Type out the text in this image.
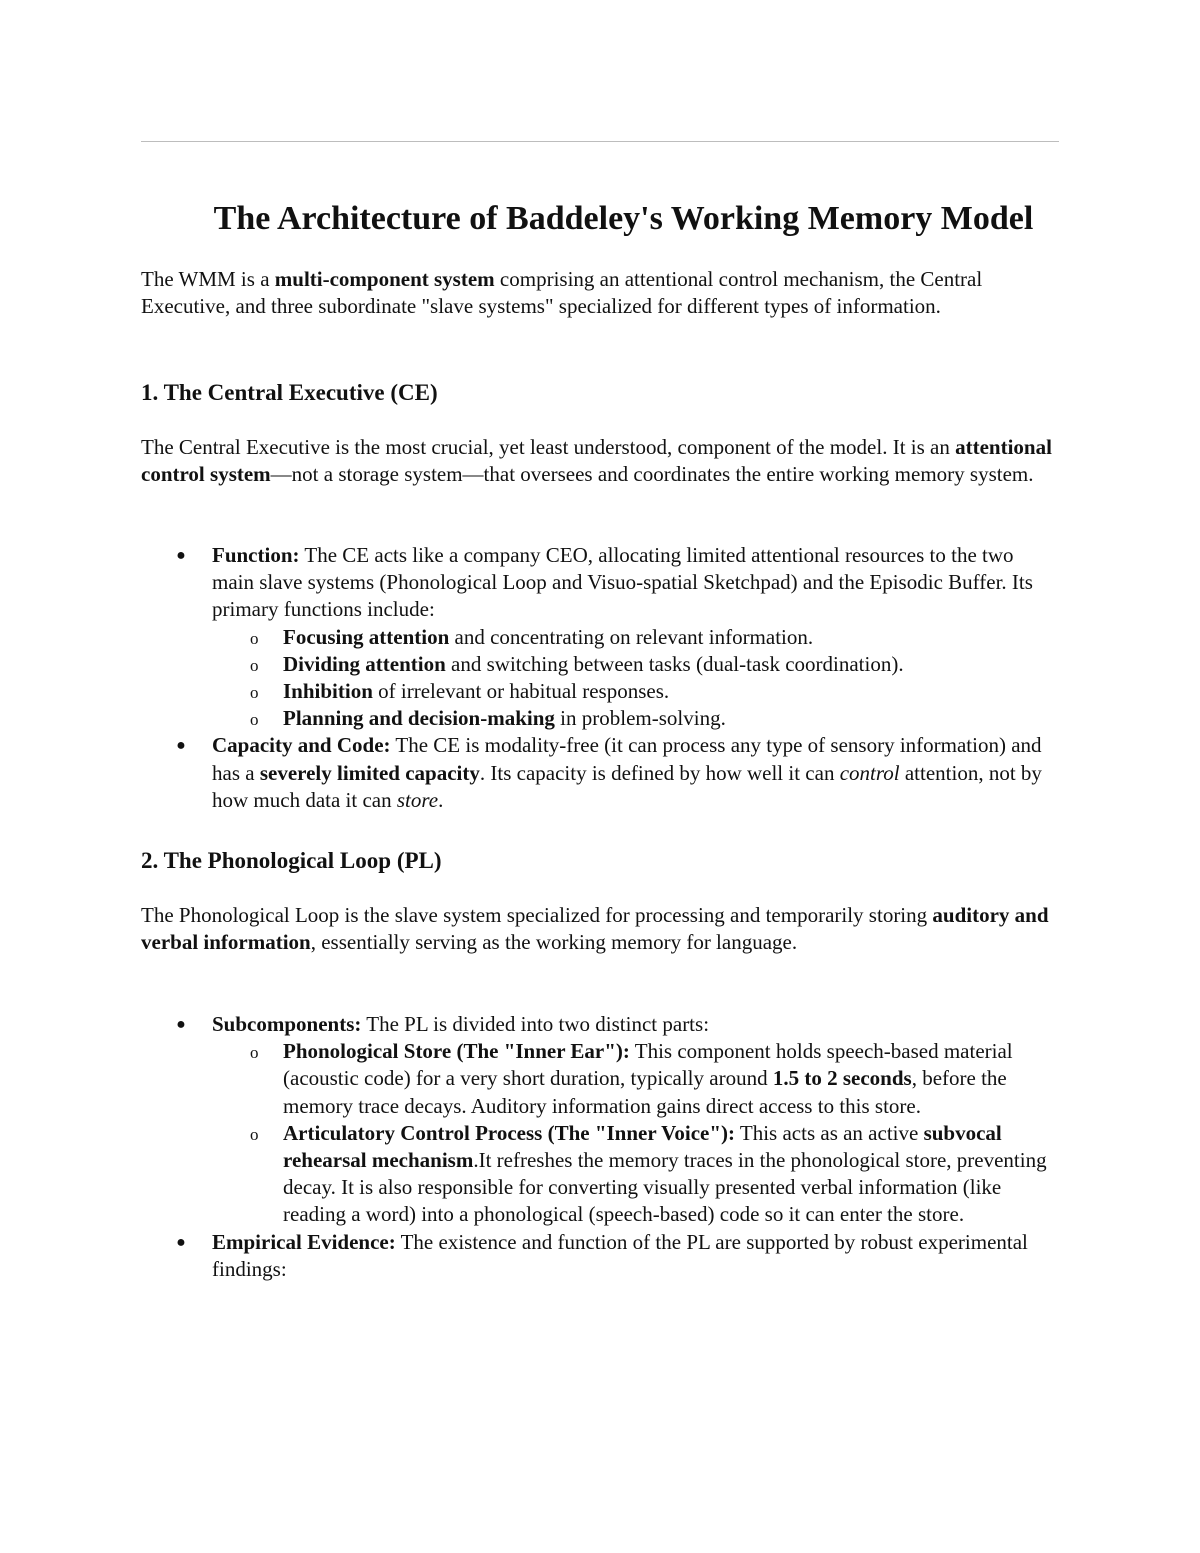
The Architecture of Baddeley's Working Memory Model

The WMM is a multi-component system comprising an attentional control mechanism, the Central Executive, and three subordinate "slave systems" specialized for different types of information.

1. The Central Executive (CE)

The Central Executive is the most crucial, yet least understood, component of the model. It is an attentional control system—not a storage system—that oversees and coordinates the entire working memory system.

● Function: The CE acts like a company CEO, allocating limited attentional resources to the two main slave systems (Phonological Loop and Visuo-spatial Sketchpad) and the Episodic Buffer. Its primary functions include:
o Focusing attention and concentrating on relevant information.
o Dividing attention and switching between tasks (dual-task coordination).
o Inhibition of irrelevant or habitual responses.
o Planning and decision-making in problem-solving.
● Capacity and Code: The CE is modality-free (it can process any type of sensory information) and has a severely limited capacity. Its capacity is defined by how well it can control attention, not by how much data it can store.
2. The Phonological Loop (PL)

The Phonological Loop is the slave system specialized for processing and temporarily storing auditory and verbal information, essentially serving as the working memory for language.

● Subcomponents: The PL is divided into two distinct parts:
o Phonological Store (The "Inner Ear"): This component holds speech-based material (acoustic code) for a very short duration, typically around 1.5 to 2 seconds, before the memory trace decays. Auditory information gains direct access to this store.
o Articulatory Control Process (The "Inner Voice"): This acts as an active subvocal rehearsal mechanism.It refreshes the memory traces in the phonological store, preventing decay. It is also responsible for converting visually presented verbal information (like reading a word) into a phonological (speech-based) code so it can enter the store.
● Empirical Evidence: The existence and function of the PL are supported by robust experimental findings:
